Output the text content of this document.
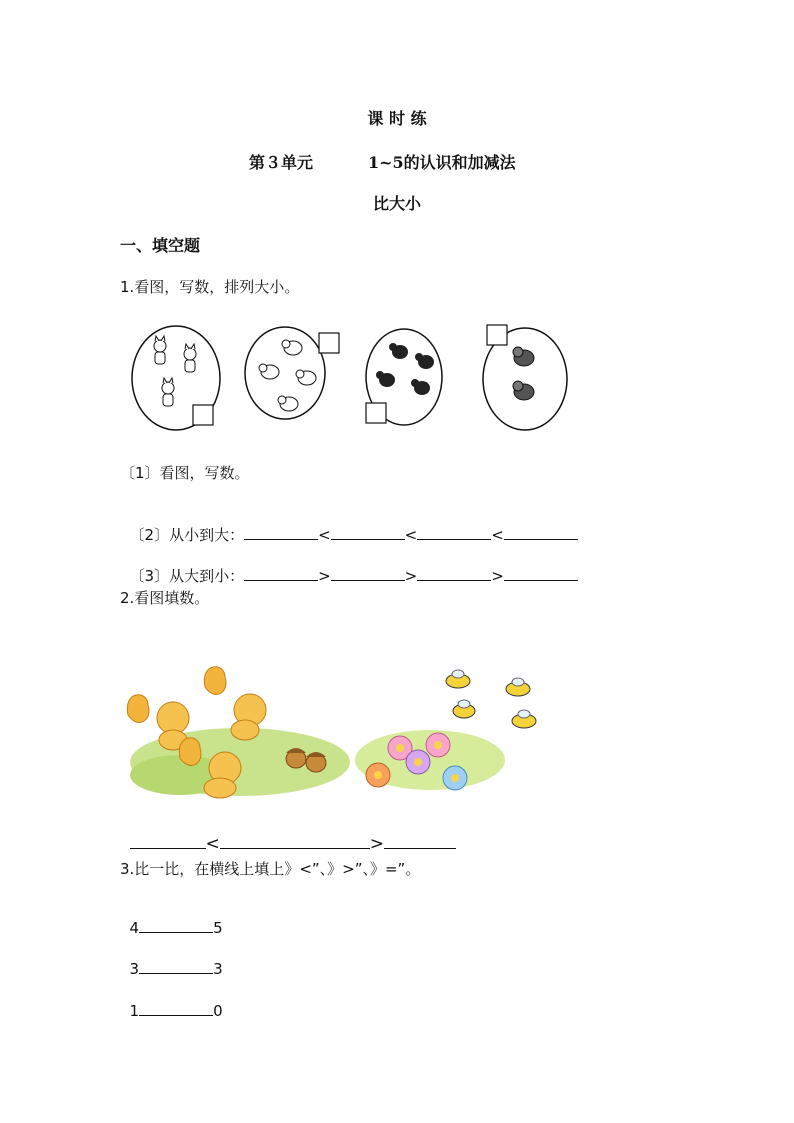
课 时 练
第３单元	1~5的认识和加减法
比大小
一、填空题
1.看图，写数，排列大小。
〔1〕看图，写数。

〔2〕从小到大：	<	<	<

〔3〕从大到小：	>	>	>

2.看图填数。

<	>

3.比一比，在横线上填上》<”、》>”、》=”。

4	5

3	3

1	0
